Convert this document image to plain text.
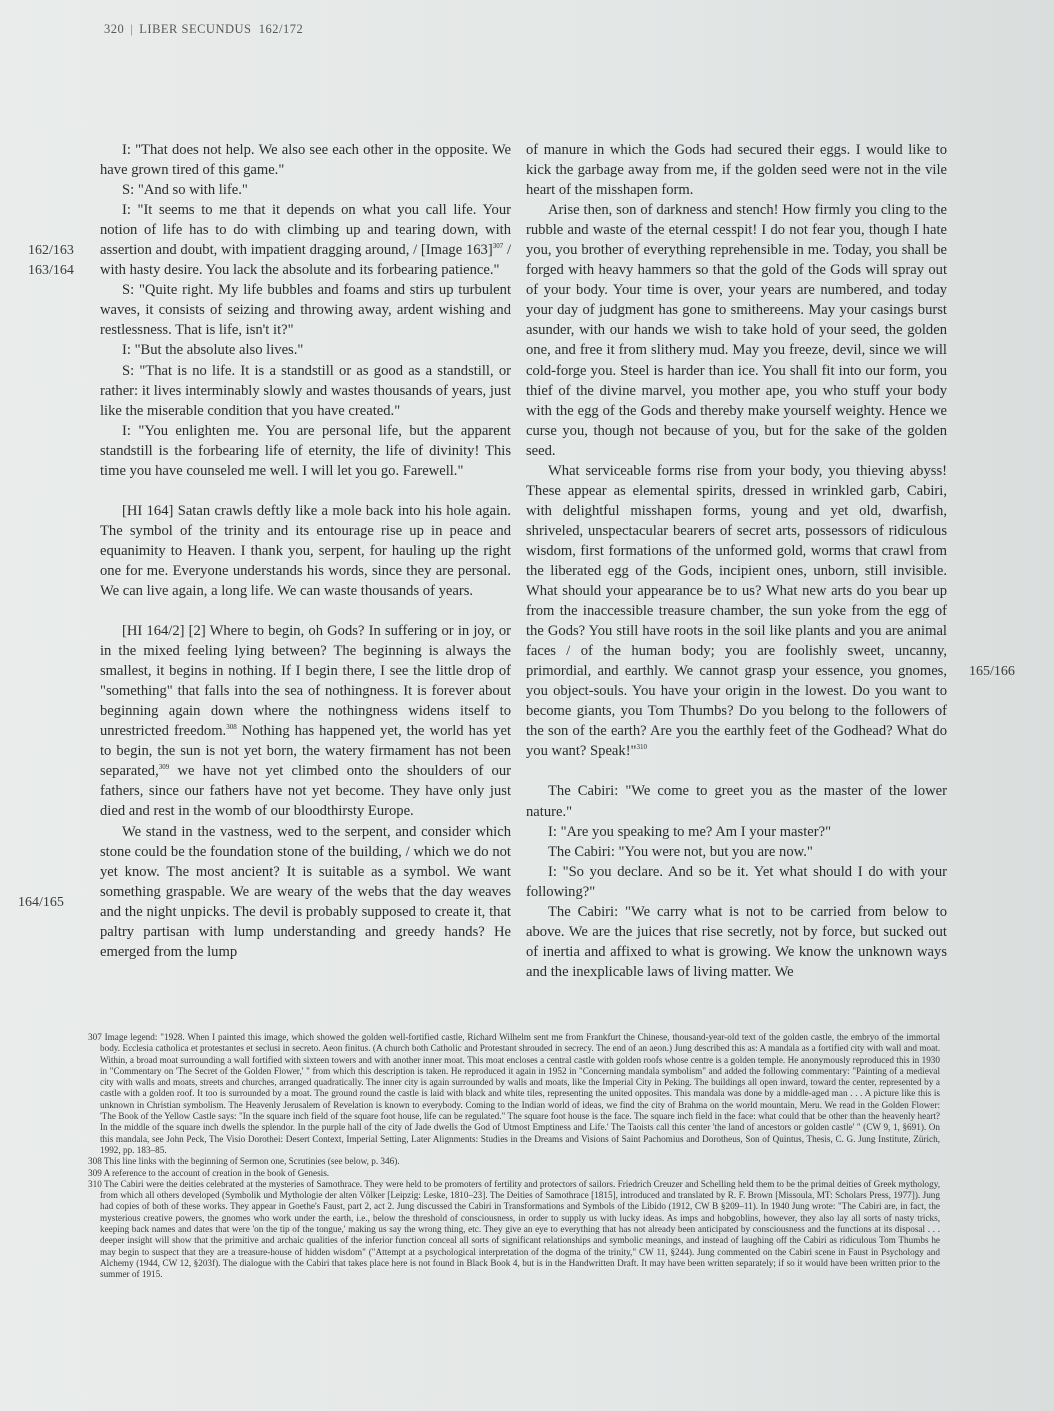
320 | LIBER SECUNDUS 162/172
162/163
163/164
164/165
165/166

I: "That does not help. We also see each other in the opposite. We have grown tired of this game."

S: "And so with life."

I: "It seems to me that it depends on what you call life. Your notion of life has to do with climbing up and tearing down, with assertion and doubt, with impatient dragging around, / [Image 163]$^{307}$ / with hasty desire. You lack the absolute and its forbearing patience."

S: "Quite right. My life bubbles and foams and stirs up turbulent waves, it consists of seizing and throwing away, ardent wishing and restlessness. That is life, isn't it?"

I: "But the absolute also lives."

S: "That is no life. It is a standstill or as good as a standstill, or rather: it lives interminably slowly and wastes thousands of years, just like the miserable condition that you have created."

I: "You enlighten me. You are personal life, but the apparent standstill is the forbearing life of eternity, the life of divinity! This time you have counseled me well. I will let you go. Farewell."

[HI 164] Satan crawls deftly like a mole back into his hole again. The symbol of the trinity and its entourage rise up in peace and equanimity to Heaven. I thank you, serpent, for hauling up the right one for me. Everyone understands his words, since they are personal. We can live again, a long life. We can waste thousands of years.

[HI 164/2] [2] Where to begin, oh Gods? In suffering or in joy, or in the mixed feeling lying between? The beginning is always the smallest, it begins in nothing. If I begin there, I see the little drop of "something" that falls into the sea of nothingness. It is forever about beginning again down where the nothingness widens itself to unrestricted freedom.$^{308}$ Nothing has happened yet, the world has yet to begin, the sun is not yet born, the watery firmament has not been separated,$^{309}$ we have not yet climbed onto the shoulders of our fathers, since our fathers have not yet become. They have only just died and rest in the womb of our bloodthirsty Europe.

We stand in the vastness, wed to the serpent, and consider which stone could be the foundation stone of the building, / which we do not yet know. The most ancient? It is suitable as a symbol. We want something graspable. We are weary of the webs that the day weaves and the night unpicks. The devil is probably supposed to create it, that paltry partisan with lump understanding and greedy hands? He emerged from the lump

of manure in which the Gods had secured their eggs. I would like to kick the garbage away from me, if the golden seed were not in the vile heart of the misshapen form.

Arise then, son of darkness and stench! How firmly you cling to the rubble and waste of the eternal cesspit! I do not fear you, though I hate you, you brother of everything reprehensible in me. Today, you shall be forged with heavy hammers so that the gold of the Gods will spray out of your body. Your time is over, your years are numbered, and today your day of judgment has gone to smithereens. May your casings burst asunder, with our hands we wish to take hold of your seed, the golden one, and free it from slithery mud. May you freeze, devil, since we will cold-forge you. Steel is harder than ice. You shall fit into our form, you thief of the divine marvel, you mother ape, you who stuff your body with the egg of the Gods and thereby make yourself weighty. Hence we curse you, though not because of you, but for the sake of the golden seed.

What serviceable forms rise from your body, you thieving abyss! These appear as elemental spirits, dressed in wrinkled garb, Cabiri, with delightful misshapen forms, young and yet old, dwarfish, shriveled, unspectacular bearers of secret arts, possessors of ridiculous wisdom, first formations of the unformed gold, worms that crawl from the liberated egg of the Gods, incipient ones, unborn, still invisible. What should your appearance be to us? What new arts do you bear up from the inaccessible treasure chamber, the sun yoke from the egg of the Gods? You still have roots in the soil like plants and you are animal faces / of the human body; you are foolishly sweet, uncanny, primordial, and earthly. We cannot grasp your essence, you gnomes, you object-souls. You have your origin in the lowest. Do you want to become giants, you Tom Thumbs? Do you belong to the followers of the son of the earth? Are you the earthly feet of the Godhead? What do you want? Speak!"$^{310}$

The Cabiri: "We come to greet you as the master of the lower nature."

I: "Are you speaking to me? Am I your master?"

The Cabiri: "You were not, but you are now."

I: "So you declare. And so be it. Yet what should I do with your following?"

The Cabiri: "We carry what is not to be carried from below to above. We are the juices that rise secretly, not by force, but sucked out of inertia and affixed to what is growing. We know the unknown ways and the inexplicable laws of living matter. We

307 Image legend: "1928. When I painted this image, which showed the golden well-fortified castle, Richard Wilhelm sent me from Frankfurt the Chinese, thousand-year-old text of the golden castle, the embryo of the immortal body. Ecclesia catholica et protestantes et seclusi in secreto. Aeon finitus. (A church both Catholic and Protestant shrouded in secrecy. The end of an aeon.) Jung described this as: A mandala as a fortified city with wall and moat. Within, a broad moat surrounding a wall fortified with sixteen towers and with another inner moat. This moat encloses a central castle with golden roofs whose centre is a golden temple. He anonymously reproduced this in 1930 in "Commentary on 'The Secret of the Golden Flower,' " from which this description is taken. He reproduced it again in 1952 in "Concerning mandala symbolism" and added the following commentary: "Painting of a medieval city with walls and moats, streets and churches, arranged quadratically. The inner city is again surrounded by walls and moats, like the Imperial City in Peking. The buildings all open inward, toward the center, represented by a castle with a golden roof. It too is surrounded by a moat. The ground round the castle is laid with black and white tiles, representing the united opposites. This mandala was done by a middle-aged man . . . A picture like this is unknown in Christian symbolism. The Heavenly Jerusalem of Revelation is known to everybody. Coming to the Indian world of ideas, we find the city of Brahma on the world mountain, Meru. We read in the Golden Flower: 'The Book of the Yellow Castle says: "In the square inch field of the square foot house, life can be regulated." The square foot house is the face. The square inch field in the face: what could that be other than the heavenly heart? In the middle of the square inch dwells the splendor. In the purple hall of the city of Jade dwells the God of Utmost Emptiness and Life.' The Taoists call this center 'the land of ancestors or golden castle' " (CW 9, 1, §691). On this mandala, see John Peck, The Visio Dorothei: Desert Context, Imperial Setting, Later Alignments: Studies in the Dreams and Visions of Saint Pachomius and Dorotheus, Son of Quintus, Thesis, C. G. Jung Institute, Zürich, 1992, pp. 183–85.

308 This line links with the beginning of Sermon one, Scrutinies (see below, p. 346).

309 A reference to the account of creation in the book of Genesis.

310 The Cabiri were the deities celebrated at the mysteries of Samothrace. They were held to be promoters of fertility and protectors of sailors. Friedrich Creuzer and Schelling held them to be the primal deities of Greek mythology, from which all others developed (Symbolik und Mythologie der alten Völker [Leipzig: Leske, 1810–23]. The Deities of Samothrace [1815], introduced and translated by R. F. Brown [Missoula, MT: Scholars Press, 1977]). Jung had copies of both of these works. They appear in Goethe's Faust, part 2, act 2. Jung discussed the Cabiri in Transformations and Symbols of the Libido (1912, CW B §209–11). In 1940 Jung wrote: "The Cabiri are, in fact, the mysterious creative powers, the gnomes who work under the earth, i.e., below the threshold of consciousness, in order to supply us with lucky ideas. As imps and hobgoblins, however, they also lay all sorts of nasty tricks, keeping back names and dates that were 'on the tip of the tongue,' making us say the wrong thing, etc. They give an eye to everything that has not already been anticipated by consciousness and the functions at its disposal . . . deeper insight will show that the primitive and archaic qualities of the inferior function conceal all sorts of significant relationships and symbolic meanings, and instead of laughing off the Cabiri as ridiculous Tom Thumbs he may begin to suspect that they are a treasure-house of hidden wisdom" ("Attempt at a psychological interpretation of the dogma of the trinity," CW 11, §244). Jung commented on the Cabiri scene in Faust in Psychology and Alchemy (1944, CW 12, §203f). The dialogue with the Cabiri that takes place here is not found in Black Book 4, but is in the Handwritten Draft. It may have been written separately; if so it would have been written prior to the summer of 1915.
